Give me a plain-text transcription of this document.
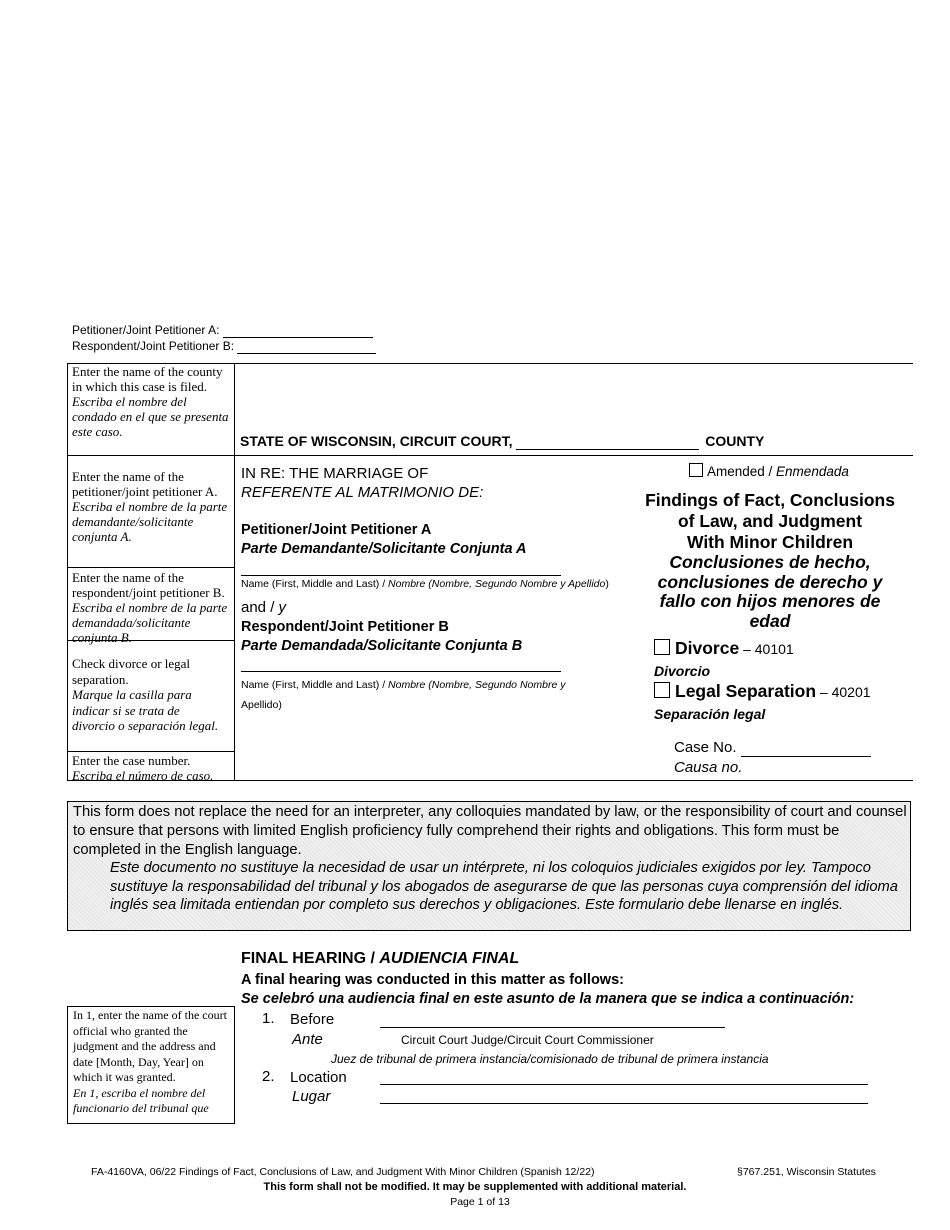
Petitioner/Joint Petitioner A:
Respondent/Joint Petitioner B:
Enter the name of the county in which this case is filed.
Escriba el nombre del condado en el que se presenta este caso.
Enter the name of the petitioner/joint petitioner A.
Escriba el nombre de la parte demandante/solicitante conjunta A.
Enter the name of the respondent/joint petitioner B.
Escriba el nombre de la parte demandada/solicitante conjunta B.
Check divorce or legal separation.
Marque la casilla para indicar si se trata de divorcio o separación legal.
Enter the case number.
Escriba el número de caso.
STATE OF WISCONSIN, CIRCUIT COURT,	COUNTY
IN RE: THE MARRIAGE OF
REFERENTE AL MATRIMONIO DE:
Petitioner/Joint Petitioner A
Parte Demandante/Solicitante Conjunta A
Name (First, Middle and Last) / Nombre (Nombre, Segundo Nombre y Apellido)
and / y
Respondent/Joint Petitioner B
Parte Demandada/Solicitante Conjunta B
Name (First, Middle and Last) / Nombre (Nombre, Segundo Nombre y
Apellido)
Amended / Enmendada
Findings of Fact, Conclusions
of Law, and Judgment
With Minor Children
Conclusiones de hecho,
conclusiones de derecho y
fallo con hijos menores de
edad
Divorce – 40101
Divorcio
Legal Separation – 40201
Separación legal
Case No.
Causa no.
This form does not replace the need for an interpreter, any colloquies mandated by law, or the responsibility of court and counsel to ensure that persons with limited English proficiency fully comprehend their rights and obligations. This form must be completed in the English language.
Este documento no sustituye la necesidad de usar un intérprete, ni los coloquios judiciales exigidos por ley. Tampoco sustituye la responsabilidad del tribunal y los abogados de asegurarse de que las personas cuya comprensión del idioma inglés sea limitada entiendan por completo sus derechos y obligaciones. Este formulario debe llenarse en inglés.
FINAL HEARING / AUDIENCIA FINAL
A final hearing was conducted in this matter as follows:
Se celebró una audiencia final en este asunto de la manera que se indica a continuación:
In 1, enter the name of the court official who granted the judgment and the address and date [Month, Day, Year] on which it was granted.
En 1, escriba el nombre del funcionario del tribunal que
1. Before
Ante	Circuit Court Judge/Circuit Court Commissioner
Juez de tribunal de primera instancia/comisionado de tribunal de primera instancia
2. Location
Lugar
FA-4160VA, 06/22 Findings of Fact, Conclusions of Law, and Judgment With Minor Children (Spanish 12/22)	§767.251, Wisconsin Statutes
This form shall not be modified. It may be supplemented with additional material.
Page 1 of 13
